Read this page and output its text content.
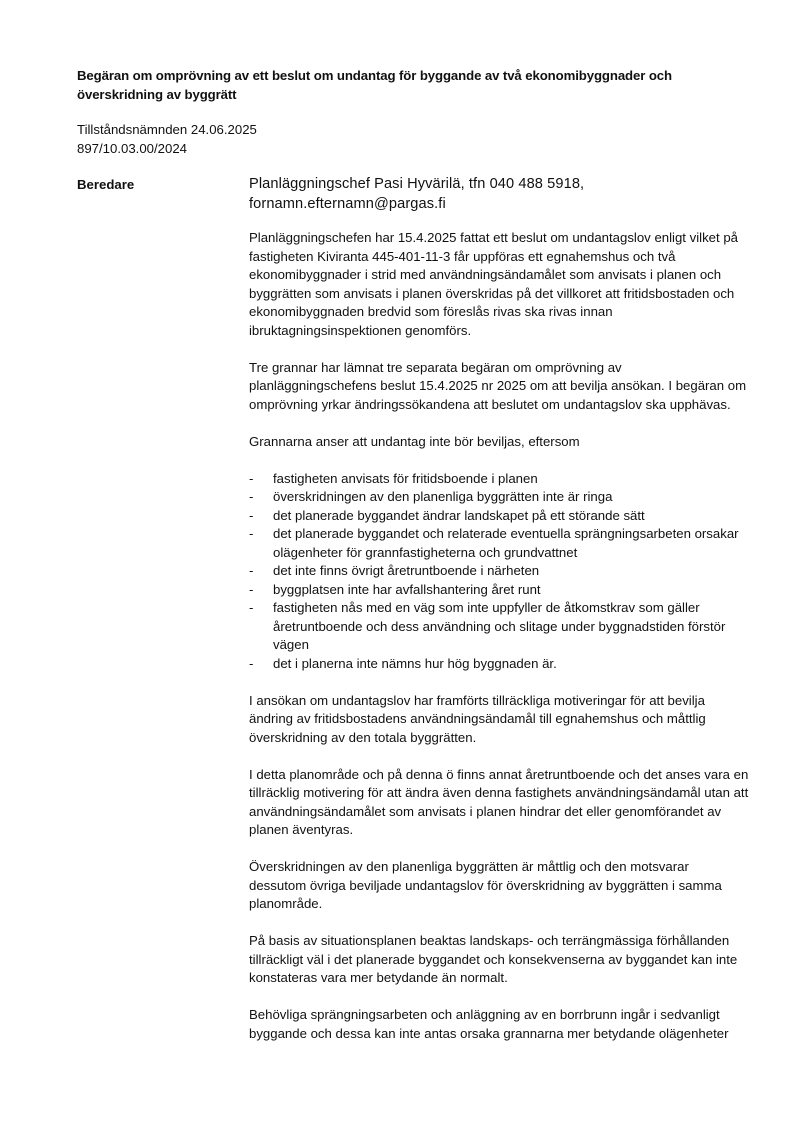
Begäran om omprövning av ett beslut om undantag för byggande av två ekonomibyggnader och
överskridning av byggrätt
Tillståndsnämnden 24.06.2025
897/10.03.00/2024
Beredare	Planläggningschef Pasi Hyvärilä, tfn 040 488 5918,
fornamn.efternamn@pargas.fi

Planläggningschefen har 15.4.2025 fattat ett beslut om undantagslov enligt vilket på fastigheten Kiviranta 445-401-11-3 får uppföras ett egnahemshus och två ekonomibyggnader i strid med användningsändamålet som anvisats i planen och byggrätten som anvisats i planen överskridas på det villkoret att fritidsbostaden och ekonomibyggnaden bredvid som föreslås rivas ska rivas innan ibruktagningsinspektionen genomförs.

Tre grannar har lämnat tre separata begäran om omprövning av planläggningschefens beslut 15.4.2025 nr 2025 om att bevilja ansökan. I begäran om omprövning yrkar ändringssökandena att beslutet om undantagslov ska upphävas.

Grannarna anser att undantag inte bör beviljas, eftersom

- fastigheten anvisats för fritidsboende i planen
- överskridningen av den planenliga byggrätten inte är ringa
- det planerade byggandet ändrar landskapet på ett störande sätt
- det planerade byggandet och relaterade eventuella sprängningsarbeten orsakar olägenheter för grannfastigheterna och grundvattnet
- det inte finns övrigt åretruntboende i närheten
- byggplatsen inte har avfallshantering året runt
- fastigheten nås med en väg som inte uppfyller de åtkomstkrav som gäller åretruntboende och dess användning och slitage under byggnadstiden förstör vägen
- det i planerna inte nämns hur hög byggnaden är.

I ansökan om undantagslov har framförts tillräckliga motiveringar för att bevilja ändring av fritidsbostadens användningsändamål till egnahemshus och måttlig överskridning av den totala byggrätten.

I detta planområde och på denna ö finns annat åretruntboende och det anses vara en tillräcklig motivering för att ändra även denna fastighets användningsändamål utan att användningsändamålet som anvisats i planen hindrar det eller genomförandet av planen äventyras.

Överskridningen av den planenliga byggrätten är måttlig och den motsvarar dessutom övriga beviljade undantagslov för överskridning av byggrätten i samma planområde.

På basis av situationsplanen beaktas landskaps- och terrängmässiga förhållanden tillräckligt väl i det planerade byggandet och konsekvenserna av byggandet kan inte konstateras vara mer betydande än normalt.

Behövliga sprängningsarbeten och anläggning av en borrbrunn ingår i sedvanligt byggande och dessa kan inte antas orsaka grannarna mer betydande olägenheter
